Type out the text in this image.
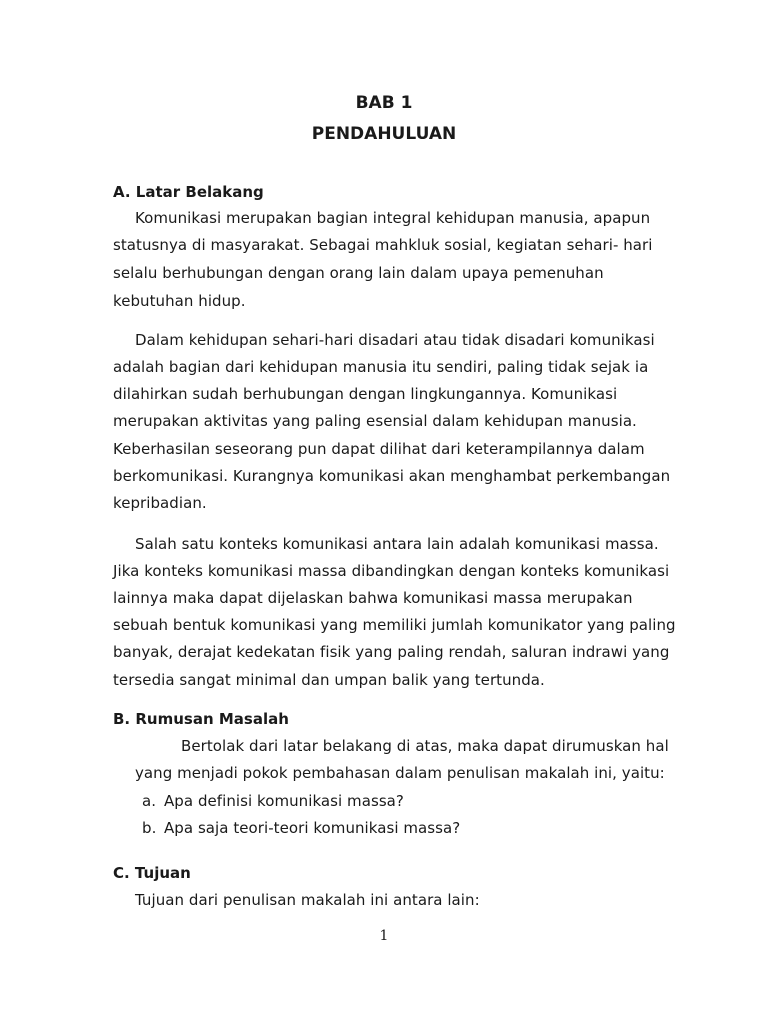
BAB 1
PENDAHULUAN
A. Latar Belakang
Komunikasi merupakan bagian integral kehidupan manusia, apapun
statusnya di masyarakat. Sebagai mahkluk sosial, kegiatan sehari- hari
selalu berhubungan dengan orang lain dalam upaya pemenuhan
kebutuhan hidup.
Dalam kehidupan sehari-hari disadari atau tidak disadari komunikasi
adalah bagian dari kehidupan manusia itu sendiri, paling tidak sejak ia
dilahirkan sudah berhubungan dengan lingkungannya. Komunikasi
merupakan aktivitas yang paling esensial dalam kehidupan manusia.
Keberhasilan seseorang pun dapat dilihat dari keterampilannya dalam
berkomunikasi. Kurangnya komunikasi akan menghambat perkembangan
kepribadian.
Salah satu konteks komunikasi antara lain adalah komunikasi massa.
Jika konteks komunikasi massa dibandingkan dengan konteks komunikasi
lainnya maka dapat dijelaskan bahwa komunikasi massa merupakan
sebuah bentuk komunikasi yang memiliki jumlah komunikator yang paling
banyak, derajat kedekatan fisik yang paling rendah, saluran indrawi yang
tersedia sangat minimal dan umpan balik yang tertunda.
B. Rumusan Masalah
Bertolak dari latar belakang di atas, maka dapat dirumuskan hal
yang menjadi pokok pembahasan dalam penulisan makalah ini, yaitu:
a. Apa definisi komunikasi massa?
b. Apa saja teori-teori komunikasi massa?
C. Tujuan
Tujuan dari penulisan makalah ini antara lain:
1
